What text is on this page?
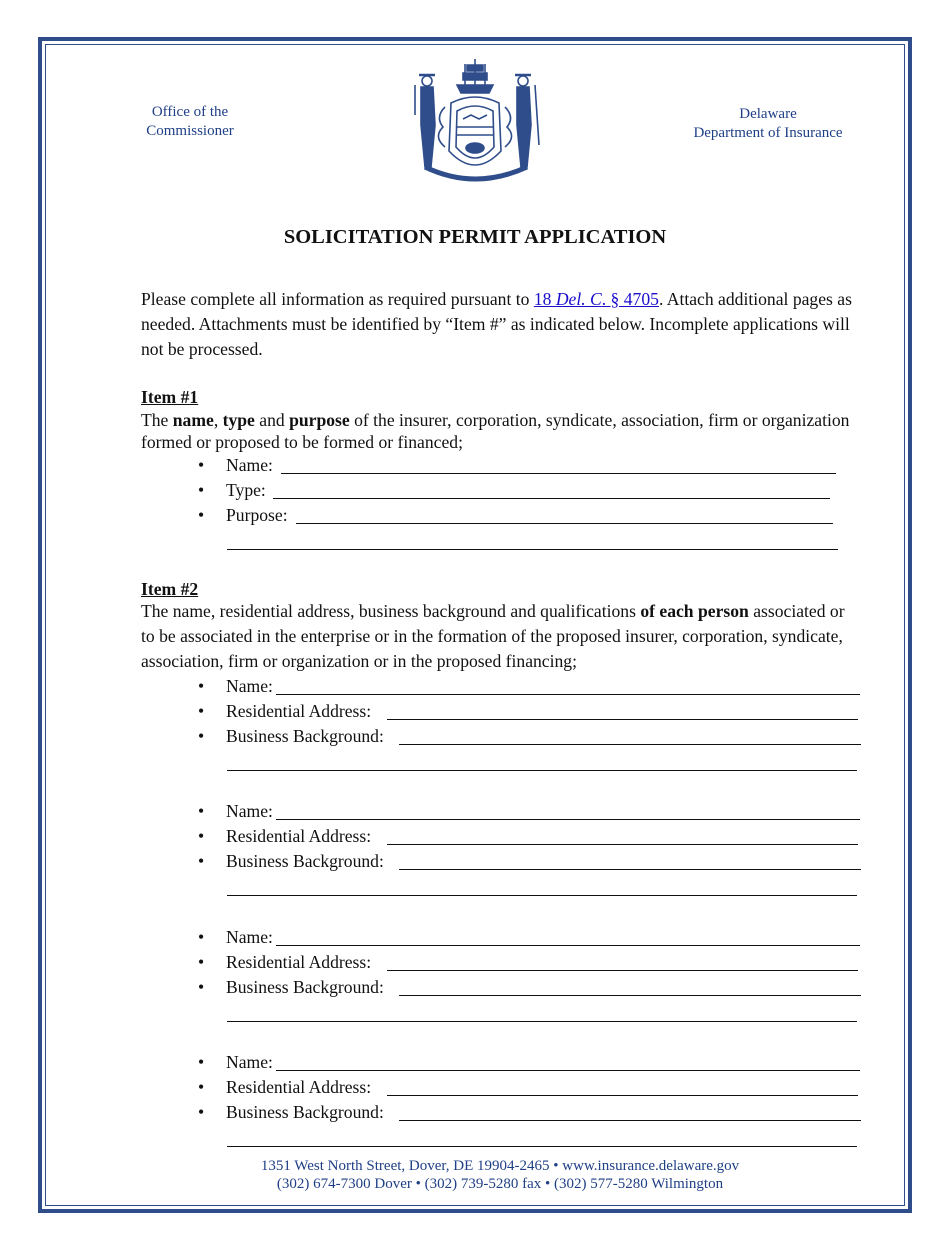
Office of the
Commissioner
Delaware
Department of Insurance
SOLICITATION PERMIT APPLICATION
Please complete all information as required pursuant to 18 Del. C. § 4705. Attach additional pages as needed. Attachments must be identified by “Item #” as indicated below. Incomplete applications will not be processed.
Item #1
The name, type and purpose of the insurer, corporation, syndicate, association, firm or organization formed or proposed to be formed or financed;
• Name:
• Type:
• Purpose:
Item #2
The name, residential address, business background and qualifications of each person associated or to be associated in the enterprise or in the formation of the proposed insurer, corporation, syndicate, association, firm or organization or in the proposed financing;
• Name:
• Residential Address:
• Business Background:
• Name:
• Residential Address:
• Business Background:
• Name:
• Residential Address:
• Business Background:
• Name:
• Residential Address:
• Business Background:
1351 West North Street, Dover, DE 19904-2465 • www.insurance.delaware.gov
(302) 674-7300 Dover • (302) 739-5280 fax • (302) 577-5280 Wilmington
